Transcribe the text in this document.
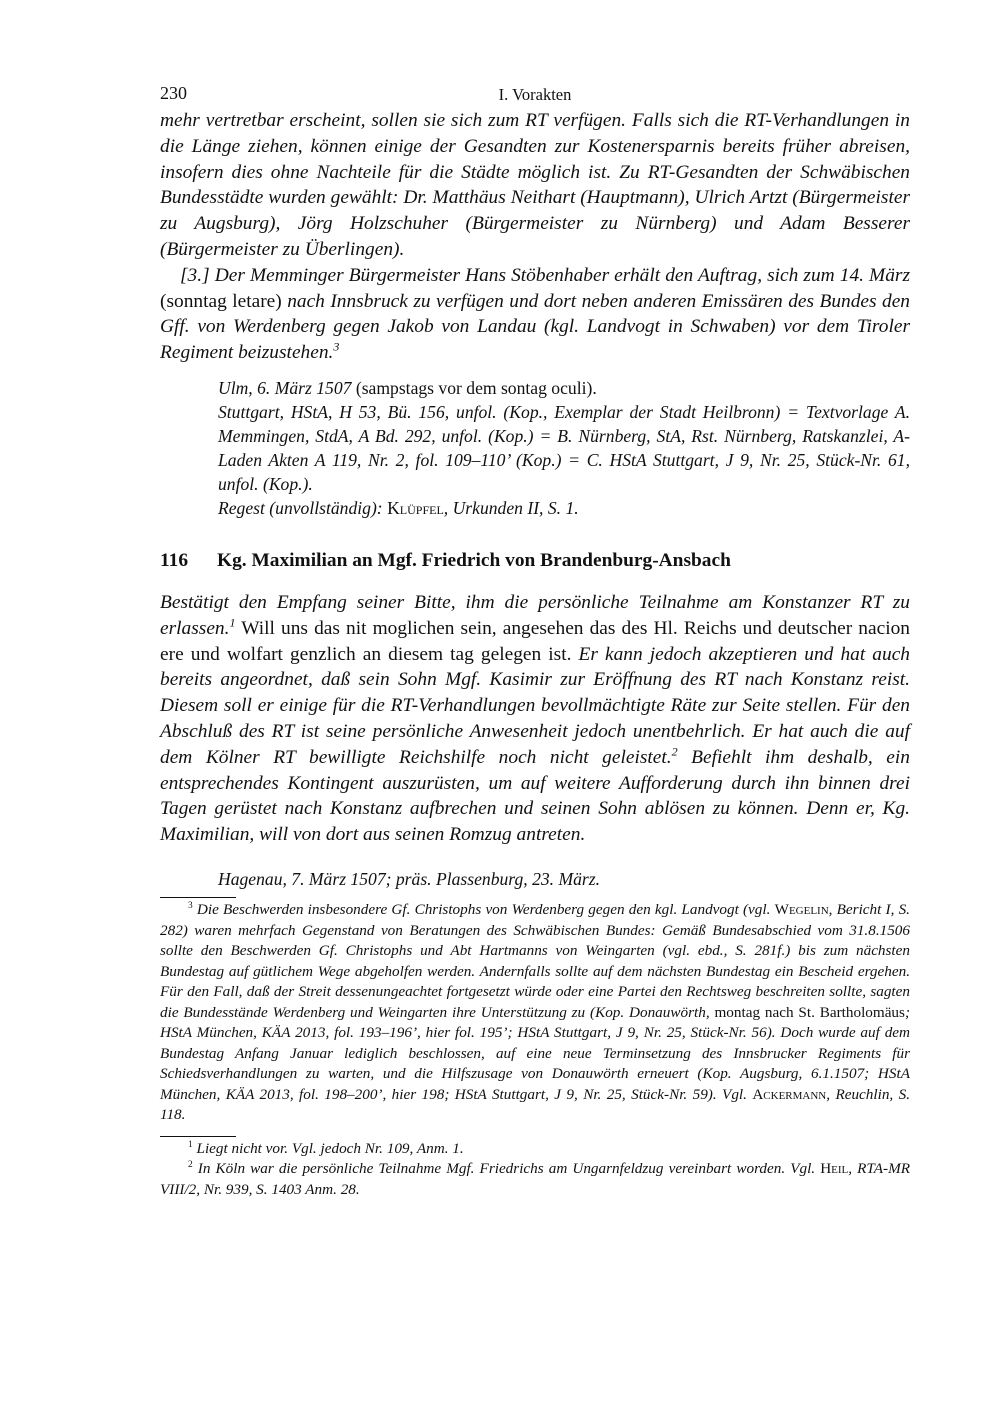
230	I. Vorakten

mehr vertretbar erscheint, sollen sie sich zum RT verfügen. Falls sich die RT-Verhandlungen in die Länge ziehen, können einige der Gesandten zur Kostenersparnis bereits früher abreisen, insofern dies ohne Nachteile für die Städte möglich ist. Zu RT-Gesandten der Schwäbischen Bundesstädte wurden gewählt: Dr. Matthäus Neithart (Hauptmann), Ulrich Artzt (Bürgermeister zu Augsburg), Jörg Holzschuher (Bürgermeister zu Nürnberg) und Adam Besserer (Bürgermeister zu Überlingen).

[3.] Der Memminger Bürgermeister Hans Stöbenhaber erhält den Auftrag, sich zum 14. März (sonntag letare) nach Innsbruck zu verfügen und dort neben anderen Emissären des Bundes den Gff. von Werdenberg gegen Jakob von Landau (kgl. Landvogt in Schwaben) vor dem Tiroler Regiment beizustehen.$^3$

Ulm, 6. März 1507 (sampstags vor dem sontag oculi).
Stuttgart, HStA, H 53, Bü. 156, unfol. (Kop., Exemplar der Stadt Heilbronn) = Textvorlage A. Memmingen, StdA, A Bd. 292, unfol. (Kop.) = B. Nürnberg, StA, Rst. Nürnberg, Ratskanzlei, A-Laden Akten A 119, Nr. 2, fol. 109–110’ (Kop.) = C. HStA Stuttgart, J 9, Nr. 25, Stück-Nr. 61, unfol. (Kop.).
Regest (unvollständig): Klüpfel, Urkunden II, S. 1.
116	Kg. Maximilian an Mgf. Friedrich von Brandenburg-Ansbach

Bestätigt den Empfang seiner Bitte, ihm die persönliche Teilnahme am Konstanzer RT zu erlassen.$^1$ Will uns das nit moglichen sein, angesehen das des Hl. Reichs und deutscher nacion ere und wolfart genzlich an diesem tag gelegen ist. Er kann jedoch akzeptieren und hat auch bereits angeordnet, daß sein Sohn Mgf. Kasimir zur Eröffnung des RT nach Konstanz reist. Diesem soll er einige für die RT-Verhandlungen bevollmächtigte Räte zur Seite stellen. Für den Abschluß des RT ist seine persönliche Anwesenheit jedoch unentbehrlich. Er hat auch die auf dem Kölner RT bewilligte Reichshilfe noch nicht geleistet.$^2$ Befiehlt ihm deshalb, ein entsprechendes Kontingent auszurüsten, um auf weitere Aufforderung durch ihn binnen drei Tagen gerüstet nach Konstanz aufbrechen und seinen Sohn ablösen zu können. Denn er, Kg. Maximilian, will von dort aus seinen Romzug antreten.

Hagenau, 7. März 1507; präs. Plassenburg, 23. März.
$^3$ Die Beschwerden insbesondere Gf. Christophs von Werdenberg gegen den kgl. Landvogt (vgl. Wegelin, Bericht I, S. 282) waren mehrfach Gegenstand von Beratungen des Schwäbischen Bundes: Gemäß Bundesabschied vom 31.8.1506 sollte den Beschwerden Gf. Christophs und Abt Hartmanns von Weingarten (vgl. ebd., S. 281f.) bis zum nächsten Bundestag auf gütlichem Wege abgeholfen werden. Andernfalls sollte auf dem nächsten Bundestag ein Bescheid ergehen. Für den Fall, daß der Streit dessenungeachtet fortgesetzt würde oder eine Partei den Rechtsweg beschreiten sollte, sagten die Bundesstände Werdenberg und Weingarten ihre Unterstützung zu (Kop. Donauwörth, montag nach St. Bartholomäus; HStA München, KÄA 2013, fol. 193–196’, hier fol. 195’; HStA Stuttgart, J 9, Nr. 25, Stück-Nr. 56). Doch wurde auf dem Bundestag Anfang Januar lediglich beschlossen, auf eine neue Terminsetzung des Innsbrucker Regiments für Schiedsverhandlungen zu warten, und die Hilfszusage von Donauwörth erneuert (Kop. Augsburg, 6.1.1507; HStA München, KÄA 2013, fol. 198–200’, hier 198; HStA Stuttgart, J 9, Nr. 25, Stück-Nr. 59). Vgl. Ackermann, Reuchlin, S. 118.
$^1$ Liegt nicht vor. Vgl. jedoch Nr. 109, Anm. 1.
$^2$ In Köln war die persönliche Teilnahme Mgf. Friedrichs am Ungarnfeldzug vereinbart worden. Vgl. Heil, RTA-MR VIII/2, Nr. 939, S. 1403 Anm. 28.
